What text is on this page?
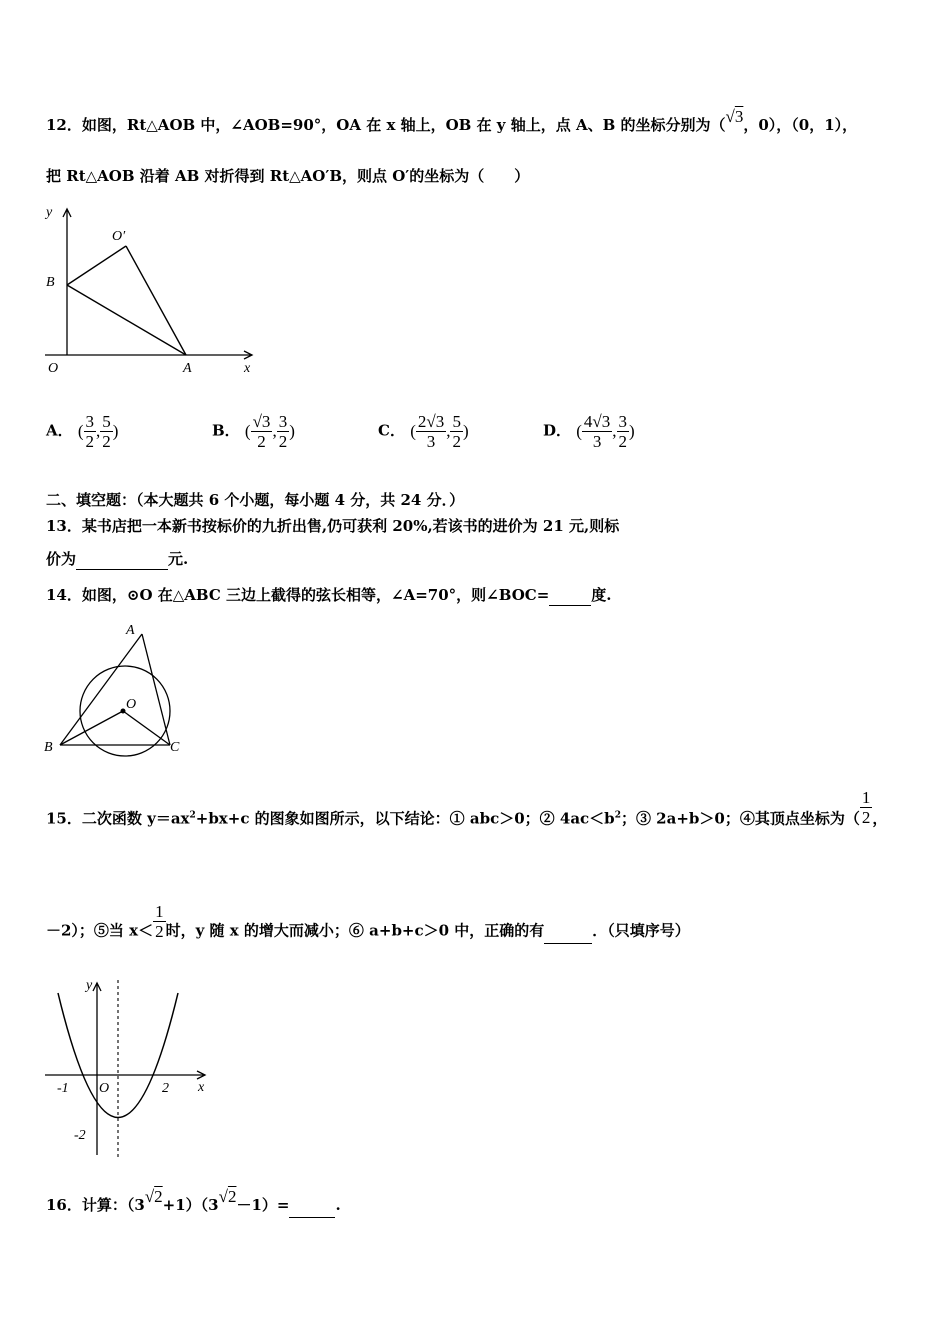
12．如图，Rt△AOB 中，∠AOB=90°，OA 在 x 轴上，OB 在 y 轴上，点 A、B 的坐标分别为（√3，0），（0，1），
把 Rt△AOB 沿着 AB 对折得到 Rt△AO′B，则点 O′的坐标为（　　）
y
x
O
O′
B
A
A． ( $\frac{3}{2}$ , $\frac{5}{2}$ )	B． ( $\frac{√3}{2}$ , $\frac{3}{2}$ )	C． ( $\frac{2√3}{3}$ , $\frac{5}{2}$ )	D． ( $\frac{4√3}{3}$ , $\frac{3}{2}$ )
二、填空题：（本大题共 6 个小题，每小题 4 分，共 24 分．）
13．某书店把一本新书按标价的九折出售,仍可获利 20%,若该书的进价为 21 元,则标
价为	元.
14．如图，⊙O 在△ABC 三边上截得的弦长相等，∠A=70°，则∠BOC=	度.
A
O
B	C
15．二次函数 $y=ax^2+bx+c$ 的图象如图所示，以下结论：① abc＞0；② $4ac<b^2$；③ 2a+b＞0；④其顶点坐标为（ $\frac{1}{2}$ ，
－2）；⑤当 $x< \frac{1}{2}$ 时，y 随 x 的增大而减小；⑥ a+b+c＞0 中，正确的有	．（只填序号）
y
x
O
-1	2
-2
16．计算：（3√2+1）（3√2－1）=	.
